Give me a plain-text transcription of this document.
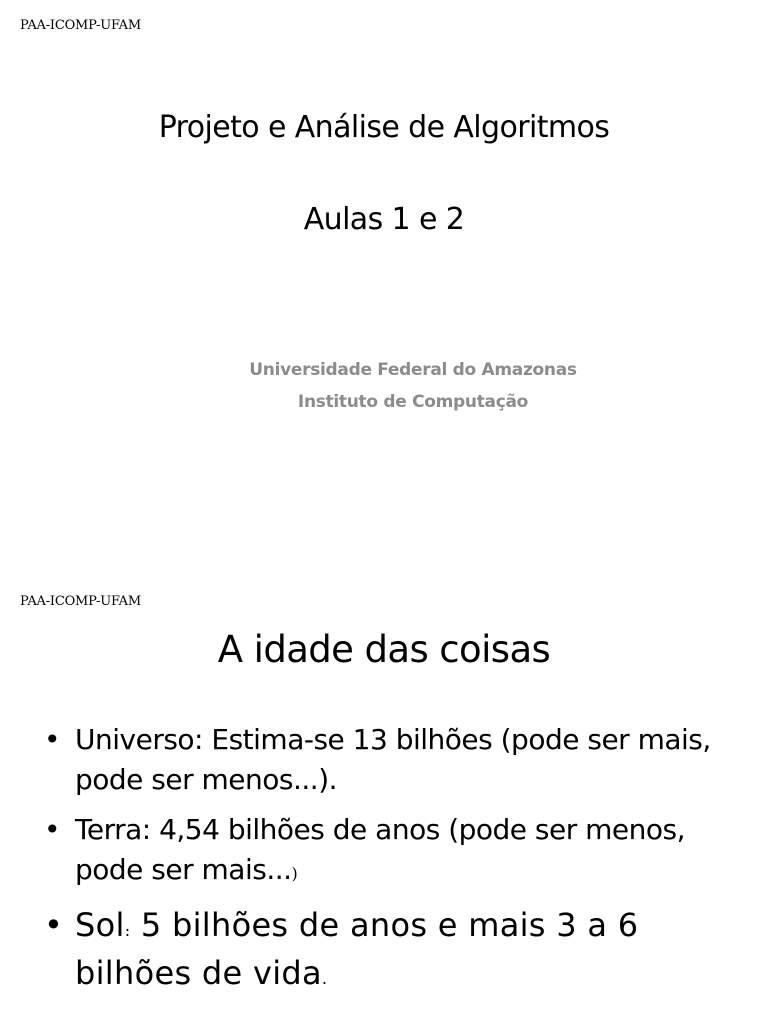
PAA-ICOMP-UFAM
Projeto e Análise de Algoritmos
Aulas 1 e 2
Universidade Federal do Amazonas
Instituto de Computação
PAA-ICOMP-UFAM
A idade das coisas
• Universo: Estima-se 13 bilhões (pode ser mais, pode ser menos...).
• Terra: 4,54 bilhões de anos (pode ser menos, pode ser mais...)
• Sol: 5 bilhões de anos e mais 3 a 6 bilhões de vida.
